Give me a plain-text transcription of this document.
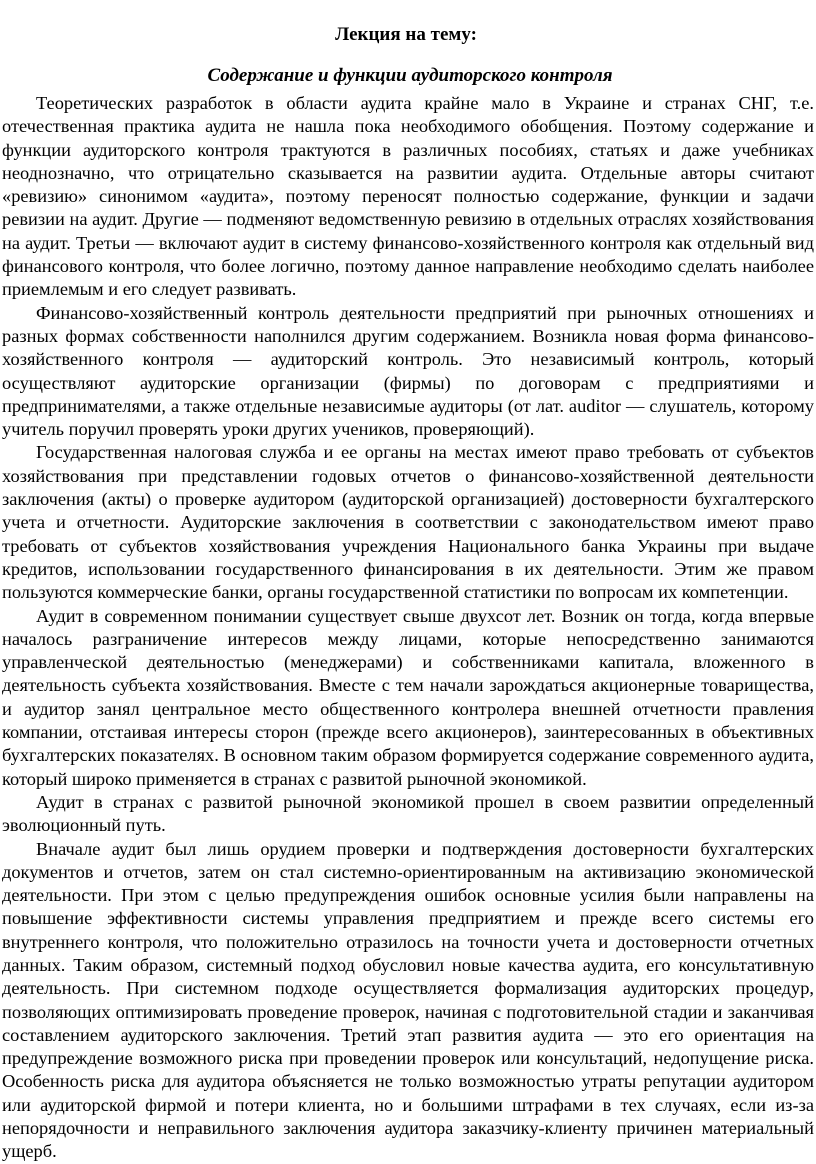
Лекция на тему:
Содержание и функции аудиторского контроля

Теоретических разработок в области аудита крайне мало в Украине и странах СНГ, т.е. отечественная практика аудита не нашла пока необходимого обобщения. Поэтому содержание и функции аудиторского контроля трактуются в различных пособиях, статьях и даже учебниках неоднозначно, что отрицательно сказывается на развитии аудита. Отдельные авторы считают «ревизию» синонимом «аудита», поэтому переносят полностью содержание, функции и задачи ревизии на аудит. Другие — подменяют ведомственную ревизию в отдельных отраслях хозяйствования на аудит. Третьи — включают аудит в систему финансово-хозяйственного контроля как отдельный вид финансового контроля, что более логично, поэтому данное направление необходимо сделать наиболее приемлемым и его следует развивать.

Финансово-хозяйственный контроль деятельности предприятий при рыночных отношениях и разных формах собственности наполнился другим содержанием. Возникла новая форма финансово-хозяйственного контроля — аудиторский контроль. Это независимый контроль, который осуществляют аудиторские организации (фирмы) по договорам с предприятиями и предпринимателями, а также отдельные независимые аудиторы (от лат. auditor — слушатель, которому учитель поручил проверять уроки других учеников, проверяющий).

Государственная налоговая служба и ее органы на местах имеют право требовать от субъектов хозяйствования при представлении годовых отчетов о финансово-хозяйственной деятельности заключения (акты) о проверке аудитором (аудиторской организацией) достоверности бухгалтерского учета и отчетности. Аудиторские заключения в соответствии с законодательством имеют право требовать от субъектов хозяйствования учреждения Национального банка Украины при выдаче кредитов, использовании государственного финансирования в их деятельности. Этим же правом пользуются коммерческие банки, органы государственной статистики по вопросам их компетенции.

Аудит в современном понимании существует свыше двухсот лет. Возник он тогда, когда впервые началось разграничение интересов между лицами, которые непосредственно занимаются управленческой деятельностью (менеджерами) и собственниками капитала, вложенного в деятельность субъекта хозяйствования. Вместе с тем начали зарождаться акционерные товарищества, и аудитор занял центральное место общественного контролера внешней отчетности правления компании, отстаивая интересы сторон (прежде всего акционеров), заинтересованных в объективных бухгалтерских показателях. В основном таким образом формируется содержание современного аудита, который широко применяется в странах с развитой рыночной экономикой.

Аудит в странах с развитой рыночной экономикой прошел в своем развитии определенный эволюционный путь.

Вначале аудит был лишь орудием проверки и подтверждения достоверности бухгалтерских документов и отчетов, затем он стал системно-ориентированным на активизацию экономической деятельности. При этом с целью предупреждения ошибок основные усилия были направлены на повышение эффективности системы управления предприятием и прежде всего системы его внутреннего контроля, что положительно отразилось на точности учета и достоверности отчетных данных. Таким образом, системный подход обусловил новые качества аудита, его консультативную деятельность. При системном подходе осуществляется формализация аудиторских процедур, позволяющих оптимизировать проведение проверок, начиная с подготовительной стадии и заканчивая составлением аудиторского заключения. Третий этап развития аудита — это его ориентация на предупреждение возможного риска при проведении проверок или консультаций, недопущение риска. Особенность риска для аудитора объясняется не только возможностью утраты репутации аудитором или аудиторской фирмой и потери клиента, но и большими штрафами в тех случаях, если из-за непорядочности и неправильного заключения аудитора заказчику-клиенту причинен материальный ущерб.
